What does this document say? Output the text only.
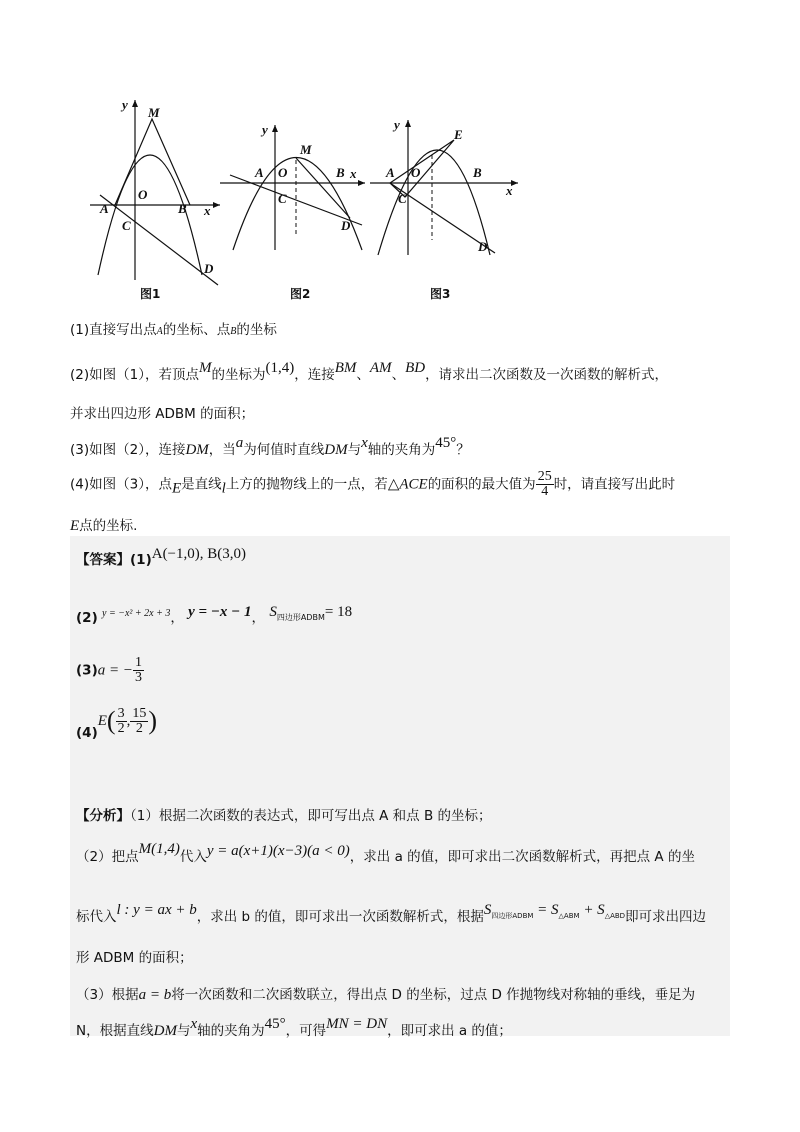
y
M
O
A	B x
C
D
图1
y
M
A O	B x
C
D
图2
y
E
A O	B
x
C
D
图3
(1)直接写出点A的坐标、点B的坐标
(2)如图（1），若顶点M的坐标为(1,4)，连接BM、AM、BD，请求出二次函数及一次函数的解析式，
并求出四边形 ADBM 的面积；
(3)如图（2），连接DM，当a为何值时直线DM与x轴的夹角为45°？
(4)如图（3），点E是直线l上方的抛物线上的一点，若△ACE的面积的最大值为 $\frac{25}{4}$ 时，请直接写出此时
E点的坐标.
【答案】(1)A(−1,0), B(3,0)
(2) $^{y = -x^2 + 2x + 3}$， y = −x − 1， S四边形ADBM= 18
(3)a = − $\frac{1}{3}$
$(4)E( \frac{3}{2}$ , $\frac{15}{2}$ )
【分析】（1）根据二次函数的表达式，即可写出点 A 和点 B 的坐标；
（2）把点M(1,4)代入y = a(x+1)(x−3)(a < 0)，求出 a 的值，即可求出二次函数解析式，再把点 A 的坐
标代入l : y = ax + b，求出 b 的值，即可求出一次函数解析式，根据$S^{四边形ADBM} = S^{\triangle ABM} + S^{\triangle ABD}$即可求出四边
形 ADBM 的面积；
（3）根据a = b将一次函数和二次函数联立，得出点 D 的坐标，过点 D 作抛物线对称轴的垂线，垂足为
N，根据直线DM与x轴的夹角为45°，可得MN = DN，即可求出 a 的值；
